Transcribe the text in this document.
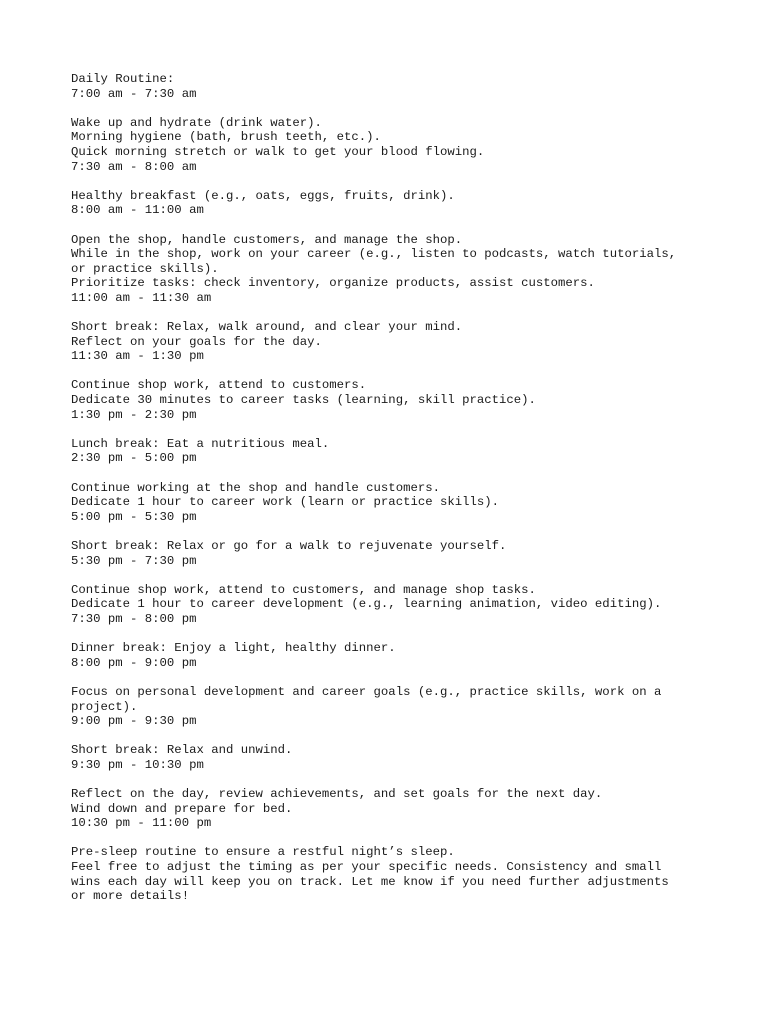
Daily Routine:
7:00 am - 7:30 am
Wake up and hydrate (drink water).
Morning hygiene (bath, brush teeth, etc.).
Quick morning stretch or walk to get your blood flowing.
7:30 am - 8:00 am
Healthy breakfast (e.g., oats, eggs, fruits, drink).
8:00 am - 11:00 am
Open the shop, handle customers, and manage the shop.
While in the shop, work on your career (e.g., listen to podcasts, watch tutorials,
or practice skills).
Prioritize tasks: check inventory, organize products, assist customers.
11:00 am - 11:30 am
Short break: Relax, walk around, and clear your mind.
Reflect on your goals for the day.
11:30 am - 1:30 pm
Continue shop work, attend to customers.
Dedicate 30 minutes to career tasks (learning, skill practice).
1:30 pm - 2:30 pm
Lunch break: Eat a nutritious meal.
2:30 pm - 5:00 pm
Continue working at the shop and handle customers.
Dedicate 1 hour to career work (learn or practice skills).
5:00 pm - 5:30 pm
Short break: Relax or go for a walk to rejuvenate yourself.
5:30 pm - 7:30 pm
Continue shop work, attend to customers, and manage shop tasks.
Dedicate 1 hour to career development (e.g., learning animation, video editing).
7:30 pm - 8:00 pm
Dinner break: Enjoy a light, healthy dinner.
8:00 pm - 9:00 pm
Focus on personal development and career goals (e.g., practice skills, work on a
project).
9:00 pm - 9:30 pm
Short break: Relax and unwind.
9:30 pm - 10:30 pm
Reflect on the day, review achievements, and set goals for the next day.
Wind down and prepare for bed.
10:30 pm - 11:00 pm
Pre-sleep routine to ensure a restful night’s sleep.
Feel free to adjust the timing as per your specific needs. Consistency and small
wins each day will keep you on track. Let me know if you need further adjustments
or more details!
